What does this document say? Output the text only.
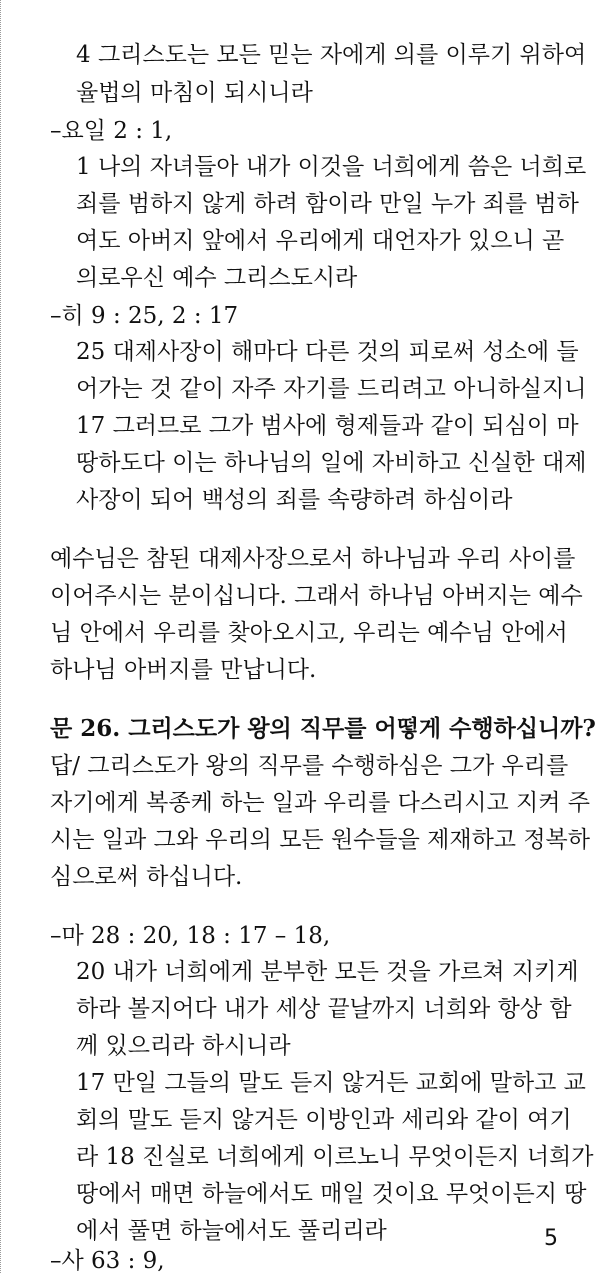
4 그리스도는 모든 믿는 자에게 의를 이루기 위하여
율법의 마침이 되시니라
–요일 2 : 1,
1 나의 자녀들아 내가 이것을 너희에게 씀은 너희로
죄를 범하지 않게 하려 함이라 만일 누가 죄를 범하
여도 아버지 앞에서 우리에게 대언자가 있으니 곧
의로우신 예수 그리스도시라
–히 9 : 25, 2 : 17
25 대제사장이 해마다 다른 것의 피로써 성소에 들
어가는 것 같이 자주 자기를 드리려고 아니하실지니
17 그러므로 그가 범사에 형제들과 같이 되심이 마
땅하도다 이는 하나님의 일에 자비하고 신실한 대제
사장이 되어 백성의 죄를 속량하려 하심이라
예수님은 참된 대제사장으로서 하나님과 우리 사이를
이어주시는 분이십니다. 그래서 하나님 아버지는 예수
님 안에서 우리를 찾아오시고, 우리는 예수님 안에서
하나님 아버지를 만납니다.
문 26. 그리스도가 왕의 직무를 어떻게 수행하십니까?
답/ 그리스도가 왕의 직무를 수행하심은 그가 우리를
자기에게 복종케 하는 일과 우리를 다스리시고 지켜 주
시는 일과 그와 우리의 모든 원수들을 제재하고 정복하
심으로써 하십니다.
–마 28 : 20, 18 : 17 – 18,
20 내가 너희에게 분부한 모든 것을 가르쳐 지키게
하라 볼지어다 내가 세상 끝날까지 너희와 항상 함
께 있으리라 하시니라
17 만일 그들의 말도 듣지 않거든 교회에 말하고 교
회의 말도 듣지 않거든 이방인과 세리와 같이 여기
라 18 진실로 너희에게 이르노니 무엇이든지 너희가
땅에서 매면 하늘에서도 매일 것이요 무엇이든지 땅
에서 풀면 하늘에서도 풀리리라
–사 63 : 9,
5
